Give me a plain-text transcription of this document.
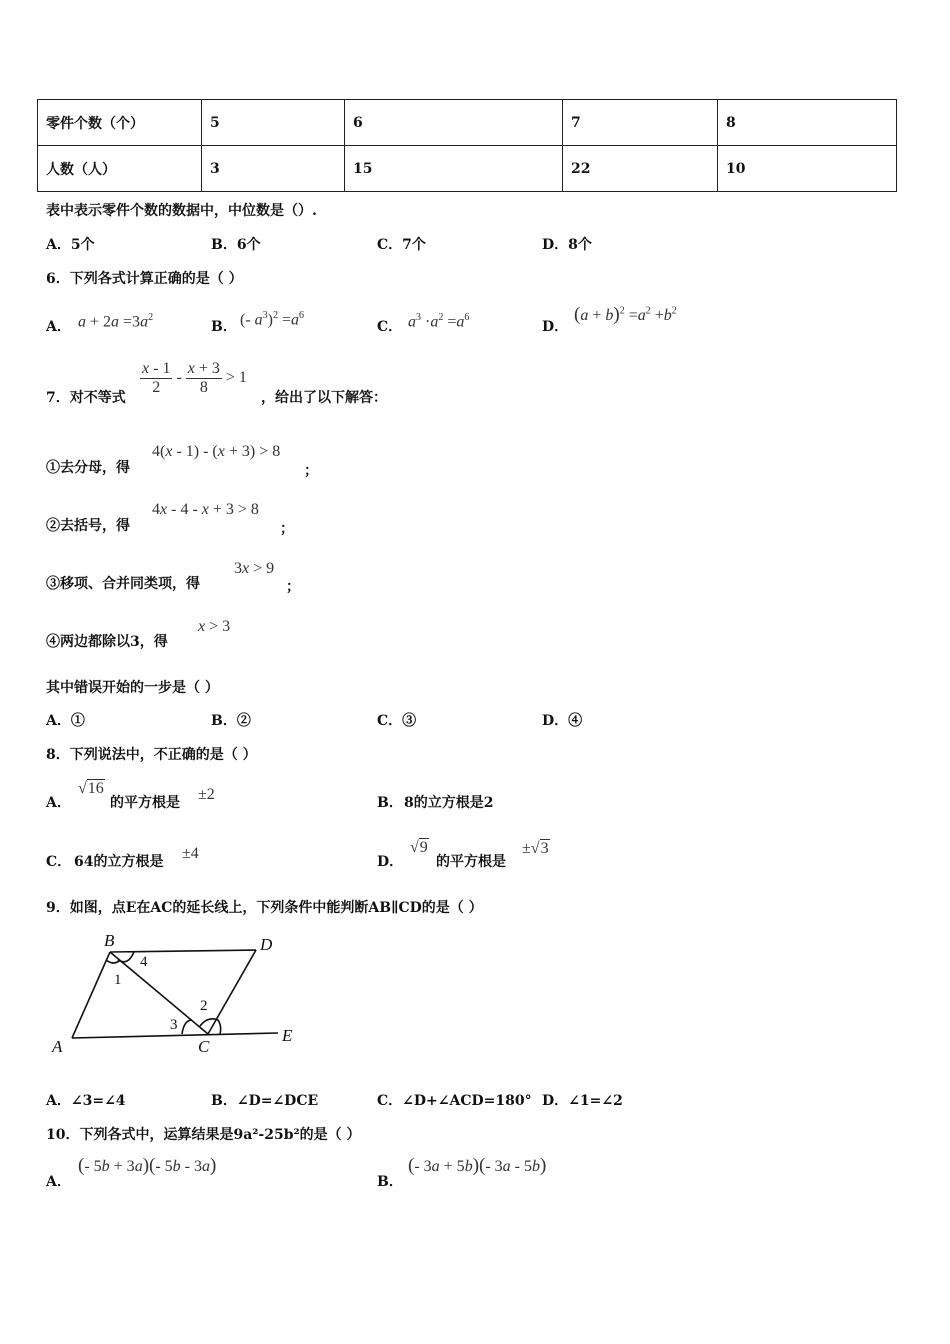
零件个数（个）	5	6	7	8
人数（人）	3	15	22	10
表中表示零件个数的数据中，中位数是（）.
A．5个	B．6个	C．7个	D．8个
6．下列各式计算正确的是（ ）
A． $a + 2a =3a^2$
B． (- $a^3)^2 =a^6$
C． $a^3 \cdot a^2 =a^6$
D．
$(a + b)^2 =a^2 +b^2$
7．对不等式
$\frac{x - 1}{2} - \frac{x + 3}{8} > 1$
，给出了以下解答：
①去分母，得
4(x - 1) - (x + 3) > 8
；
②去括号，得
4x - 4 - x + 3 > 8
；
③移项、合并同类项，得
3x > 9
；
④两边都除以3，得
x > 3
其中错误开始的一步是（ ）
A．①	B．②	C．③	D．④
8．下列说法中，不正确的是（ ）
A．
√16
的平方根是 ±2	B． 8的立方根是2
C． 64的立方根是 ±4	D．
√9
的平方根是
±√3
9．如图，点E在AC的延长线上，下列条件中能判断AB∥CD的是（ ）
B	D
A	C
E
1
2
3
4
A．∠3=∠4	B．∠D=∠DCE	C．∠D+∠ACD=180° D．∠1=∠2
10．下列各式中，运算结果是9a²-25b²的是（ ）
A．
(- 5b + 3a)(- 5b - 3a)
B．
(- 3a + 5b)(- 3a - 5b)
